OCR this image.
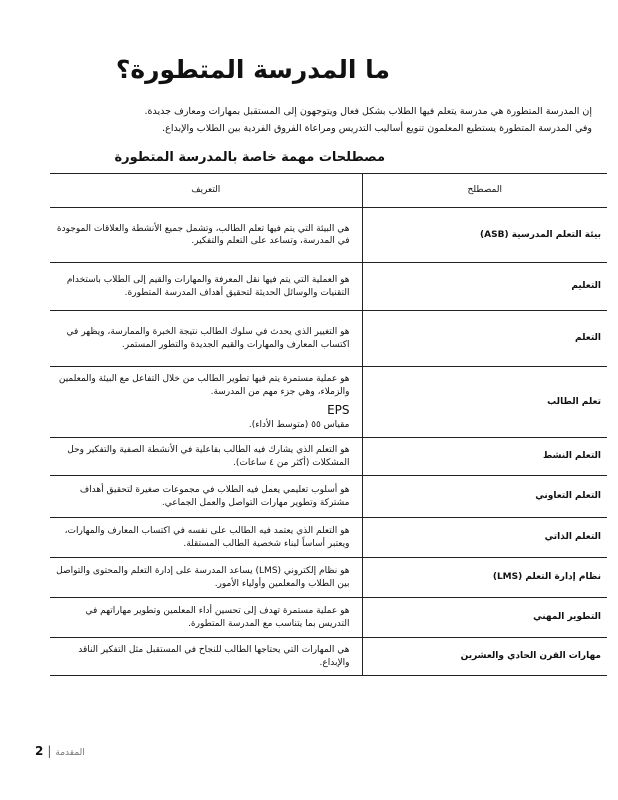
ما المدرسة المتطورة؟

إن المدرسة المتطورة هي مدرسة يتعلم فيها الطلاب بشكل فعال ويتوجهون إلى المستقبل بمهارات ومعارف جديدة.

وفي المدرسة المتطورة يستطيع المعلمون تنويع أساليب التدريس ومراعاة الفروق الفردية بين الطلاب والإبداع.

مصطلحات مهمة خاصة بالمدرسة المتطورة
المصطلح	التعريف
بيئة التعلم المدرسية (ASB)	هي البيئة التي يتم فيها تعلم الطالب، وتشمل جميع الأنشطة والعلاقات الموجودة في المدرسة، وتساعد على التعلم والتفكير.

التعليم	هو العملية التي يتم فيها نقل المعرفة والمهارات والقيم إلى الطلاب باستخدام التقنيات والوسائل الحديثة لتحقيق أهداف المدرسة المتطورة.

التعلم	هو التغيير الذي يحدث في سلوك الطالب نتيجة الخبرة والممارسة، ويظهر في اكتساب المعارف والمهارات والقيم الجديدة والتطور المستمر.

تعلم الطالب	هو عملية مستمرة يتم فيها تطوير الطالب من خلال التفاعل مع البيئة والمعلمين والزملاء، وهي جزء مهم من المدرسة.

EPS

مقياس ٥٥ (متوسط الأداء).

التعلم النشط	هو التعلم الذي يشارك فيه الطالب بفاعلية في الأنشطة الصفية والتفكير وحل المشكلات (أكثر من ٤ ساعات).

التعلم التعاوني	هو أسلوب تعليمي يعمل فيه الطلاب في مجموعات صغيرة لتحقيق أهداف مشتركة وتطوير مهارات التواصل والعمل الجماعي.

التعلم الذاتي	هو التعلم الذي يعتمد فيه الطالب على نفسه في اكتساب المعارف والمهارات، ويعتبر أساساً لبناء شخصية الطالب المستقلة.

نظام إدارة التعلم (LMS)	هو نظام إلكتروني (LMS) يساعد المدرسة على إدارة التعلم والمحتوى والتواصل بين الطلاب والمعلمين وأولياء الأمور.

التطوير المهني	هو عملية مستمرة تهدف إلى تحسين أداء المعلمين وتطوير مهاراتهم في التدريس بما يتناسب مع المدرسة المتطورة.

مهارات القرن الحادي والعشرين	هي المهارات التي يحتاجها الطالب للنجاح في المستقبل مثل التفكير الناقد والإبداع.

المقدمة|2
